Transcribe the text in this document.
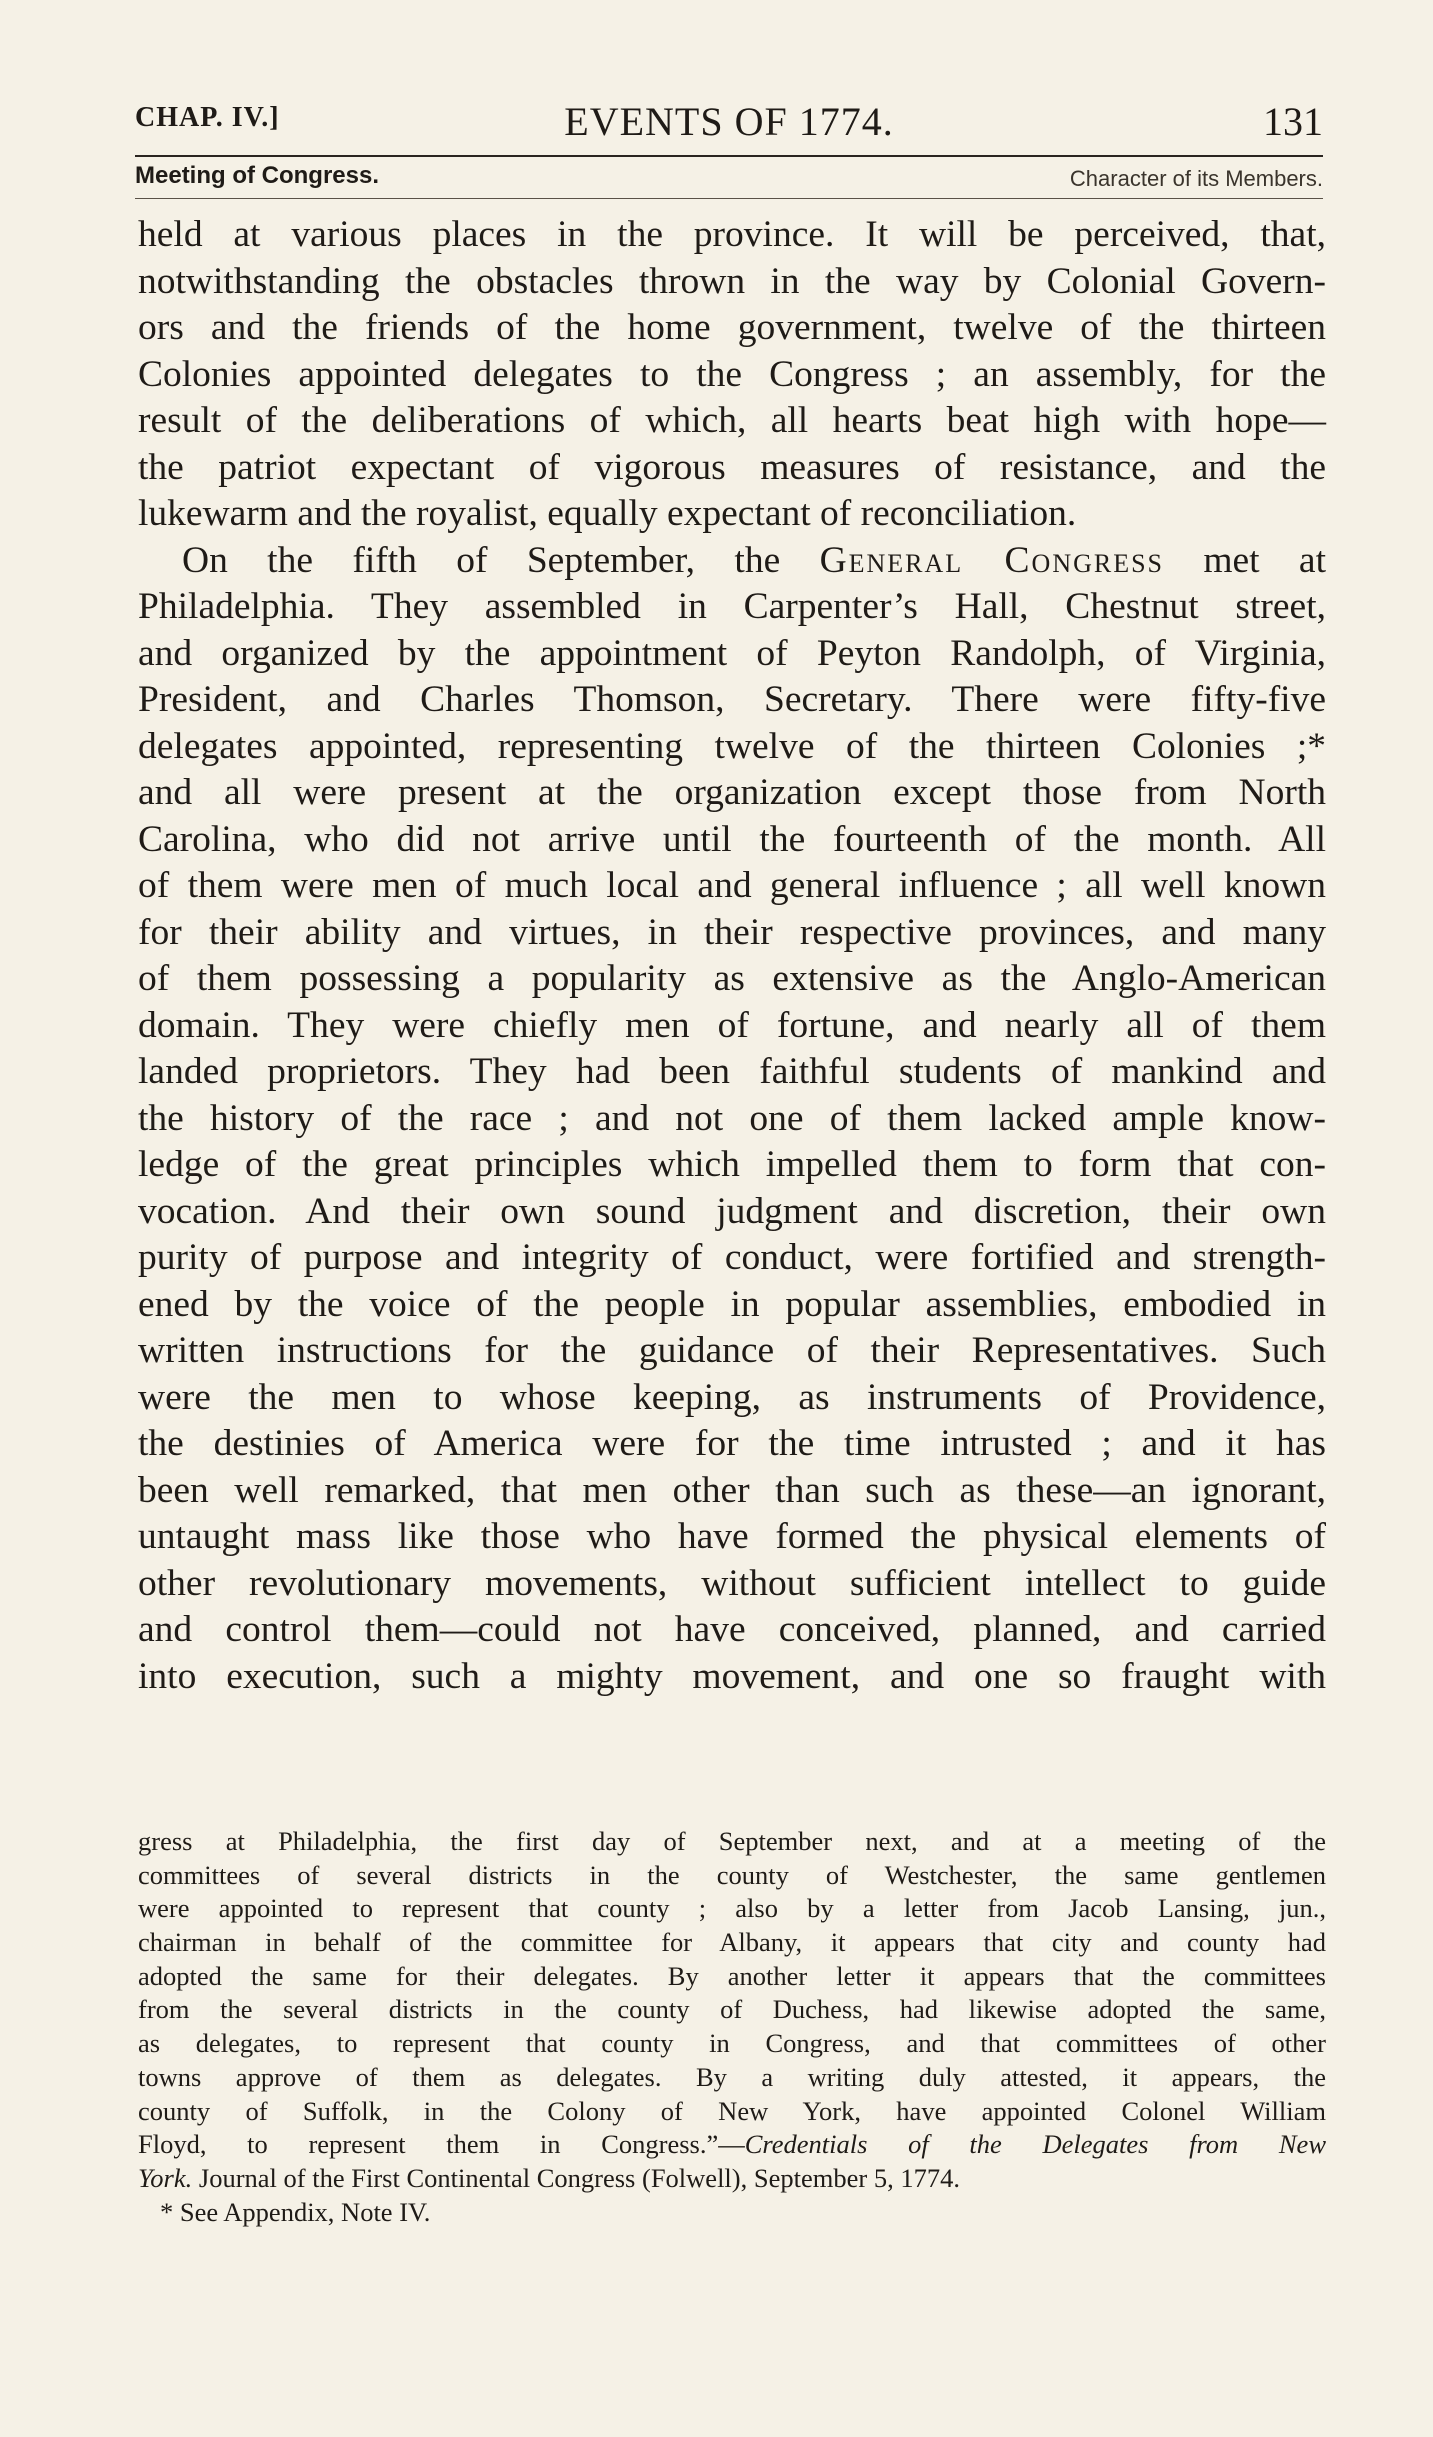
CHAP. IV.]	EVENTS OF 1774.	131
Meeting of Congress.	Character of its Members.
held at various places in the province. It will be perceived, that,
notwithstanding the obstacles thrown in the way by Colonial Govern-
ors and the friends of the home government, twelve of the thirteen
Colonies appointed delegates to the Congress ; an assembly, for the
result of the deliberations of which, all hearts beat high with hope—
the patriot expectant of vigorous measures of resistance, and the
lukewarm and the royalist, equally expectant of reconciliation.
On the fifth of September, the General Congress met at
Philadelphia. They assembled in Carpenter’s Hall, Chestnut street,
and organized by the appointment of Peyton Randolph, of Virginia,
President, and Charles Thomson, Secretary. There were fifty-five
delegates appointed, representing twelve of the thirteen Colonies ;*
and all were present at the organization except those from North
Carolina, who did not arrive until the fourteenth of the month. All
of them were men of much local and general influence ; all well known
for their ability and virtues, in their respective provinces, and many
of them possessing a popularity as extensive as the Anglo-American
domain. They were chiefly men of fortune, and nearly all of them
landed proprietors. They had been faithful students of mankind and
the history of the race ; and not one of them lacked ample know-
ledge of the great principles which impelled them to form that con-
vocation. And their own sound judgment and discretion, their own
purity of purpose and integrity of conduct, were fortified and strength-
ened by the voice of the people in popular assemblies, embodied in
written instructions for the guidance of their Representatives. Such
were the men to whose keeping, as instruments of Providence,
the destinies of America were for the time intrusted ; and it has
been well remarked, that men other than such as these—an ignorant,
untaught mass like those who have formed the physical elements of
other revolutionary movements, without sufficient intellect to guide
and control them—could not have conceived, planned, and carried
into execution, such a mighty movement, and one so fraught with
gress at Philadelphia, the first day of September next, and at a meeting of the
committees of several districts in the county of Westchester, the same gentlemen
were appointed to represent that county ; also by a letter from Jacob Lansing, jun.,
chairman in behalf of the committee for Albany, it appears that city and county had
adopted the same for their delegates. By another letter it appears that the committees
from the several districts in the county of Duchess, had likewise adopted the same,
as delegates, to represent that county in Congress, and that committees of other
towns approve of them as delegates. By a writing duly attested, it appears, the
county of Suffolk, in the Colony of New York, have appointed Colonel William
Floyd, to represent them in Congress.”—Credentials of the Delegates from New
York. Journal of the First Continental Congress (Folwell), September 5, 1774.
* See Appendix, Note IV.
